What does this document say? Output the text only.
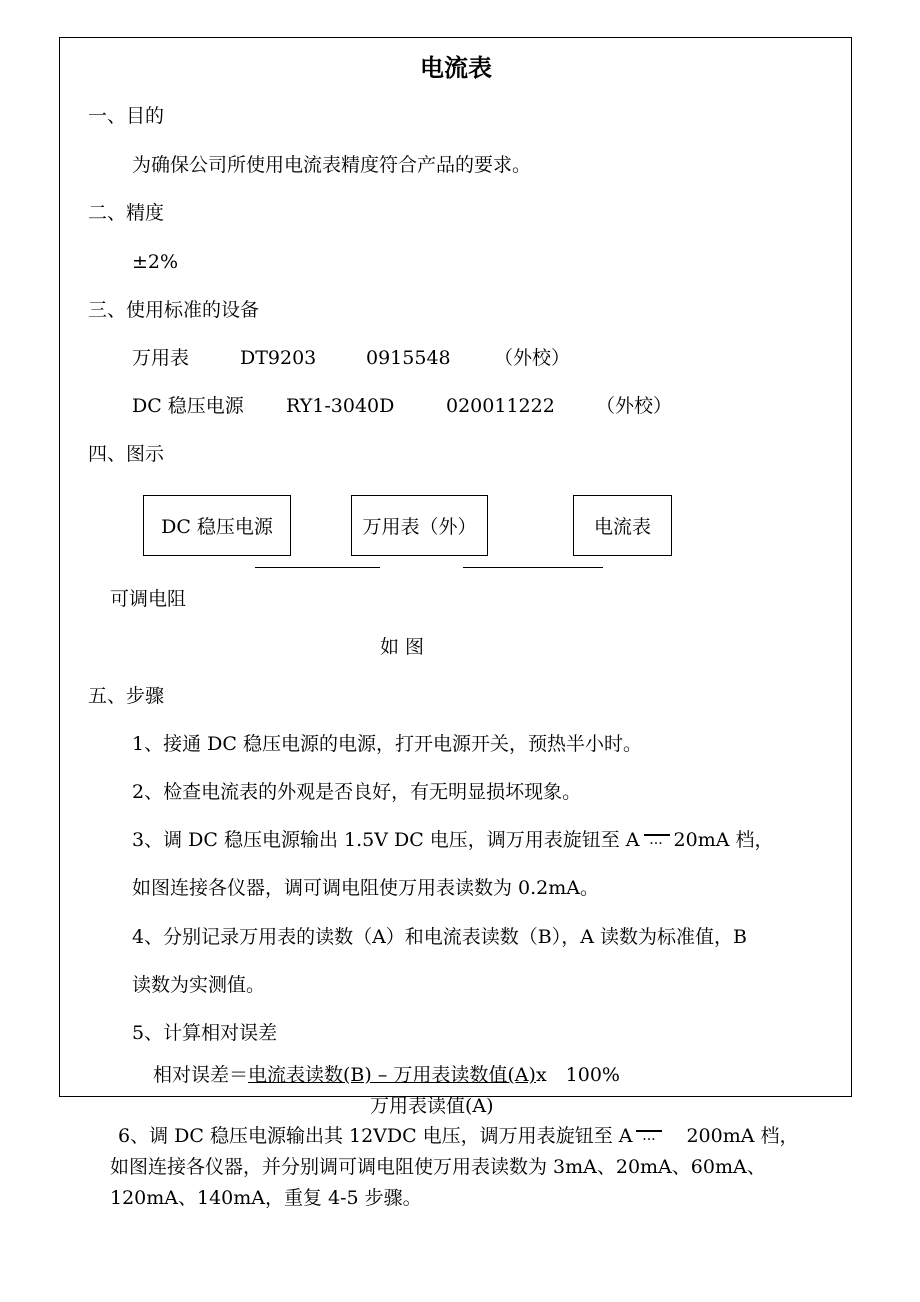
电流表
一、目的
为确保公司所使用电流表精度符合产品的要求。
二、精度
±2%
三、使用标准的设备
万用表	DT9203	0915548 （外校）
DC 稳压电源 RY1-3040D	020011222 （外校）
四、图示
DC 稳压电源	万用表（外）	电流表
可调电阻
如 图
五、步骤
1、接通 DC 稳压电源的电源，打开电源开关，预热半小时。
2、检查电流表的外观是否良好，有无明显损坏现象。
3、调 DC 稳压电源输出 1.5V DC 电压，调万用表旋钮至 A	... 20mA 档，
如图连接各仪器，调可调电阻使万用表读数为 0.2mA。
4、分别记录万用表的读数（A）和电流表读数（B），A 读数为标准值，B
读数为实测值。
5、计算相对误差
相对误差＝电流表读数(B) – 万用表读数值(A)x　100%
万用表读值(A)
6、调 DC 稳压电源输出其 12VDC 电压，调万用表旋钮至 A	...	200mA 档，
如图连接各仪器，并分别调可调电阻使万用表读数为 3mA、20mA、60mA、
120mA、140mA，重复 4-5 步骤。
